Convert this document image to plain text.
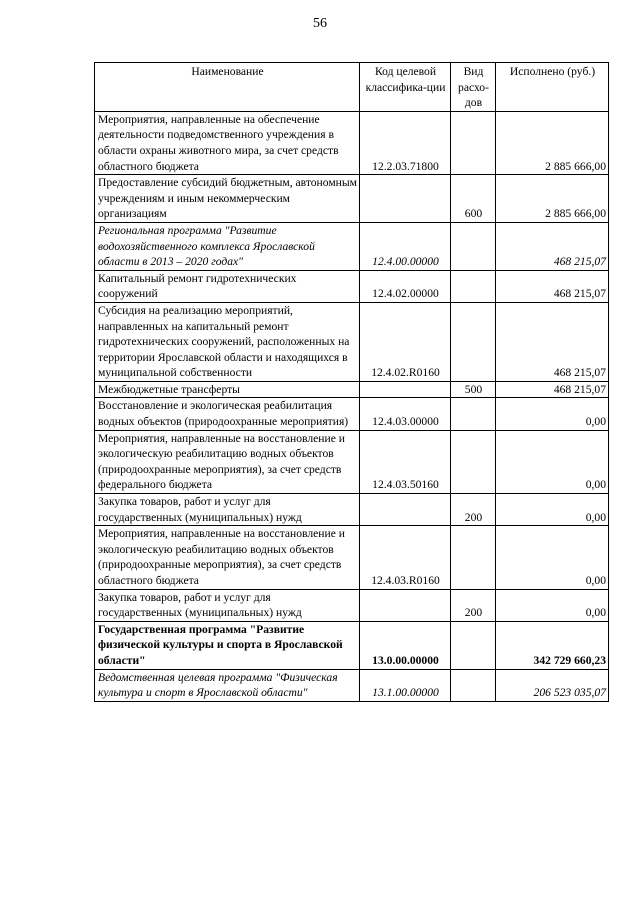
56
Наименование	Код целевой классифика-ции	Вид расхо-дов	Исполнено (руб.)
Мероприятия, направленные на обеспечение деятельности подведомственного учреждения в области охраны животного мира, за счет средств областного бюджета	12.2.03.71800		2 885 666,00
Предоставление субсидий бюджетным, автономным учреждениям и иным некоммерческим организациям		600	2 885 666,00
Региональная программа "Развитие водохозяйственного комплекса Ярославской области в 2013 – 2020 годах"	12.4.00.00000		468 215,07
Капитальный ремонт гидротехнических сооружений	12.4.02.00000		468 215,07
Субсидия на реализацию мероприятий, направленных на капитальный ремонт гидротехнических сооружений, расположенных на территории Ярославской области и находящихся в муниципальной собственности	12.4.02.R0160		468 215,07
Межбюджетные трансферты		500	468 215,07
Восстановление и экологическая реабилитация водных объектов (природоохранные мероприятия)	12.4.03.00000		0,00
Мероприятия, направленные на восстановление и экологическую реабилитацию водных объектов (природоохранные мероприятия), за счет средств федерального бюджета	12.4.03.50160		0,00
Закупка товаров, работ и услуг для государственных (муниципальных) нужд		200	0,00
Мероприятия, направленные на восстановление и экологическую реабилитацию водных объектов (природоохранные мероприятия), за счет средств областного бюджета	12.4.03.R0160		0,00
Закупка товаров, работ и услуг для государственных (муниципальных) нужд		200	0,00
Государственная программа "Развитие физической культуры и спорта в Ярославской области"	13.0.00.00000		342 729 660,23
Ведомственная целевая программа "Физическая культура и спорт в Ярославской области"	13.1.00.00000		206 523 035,07
